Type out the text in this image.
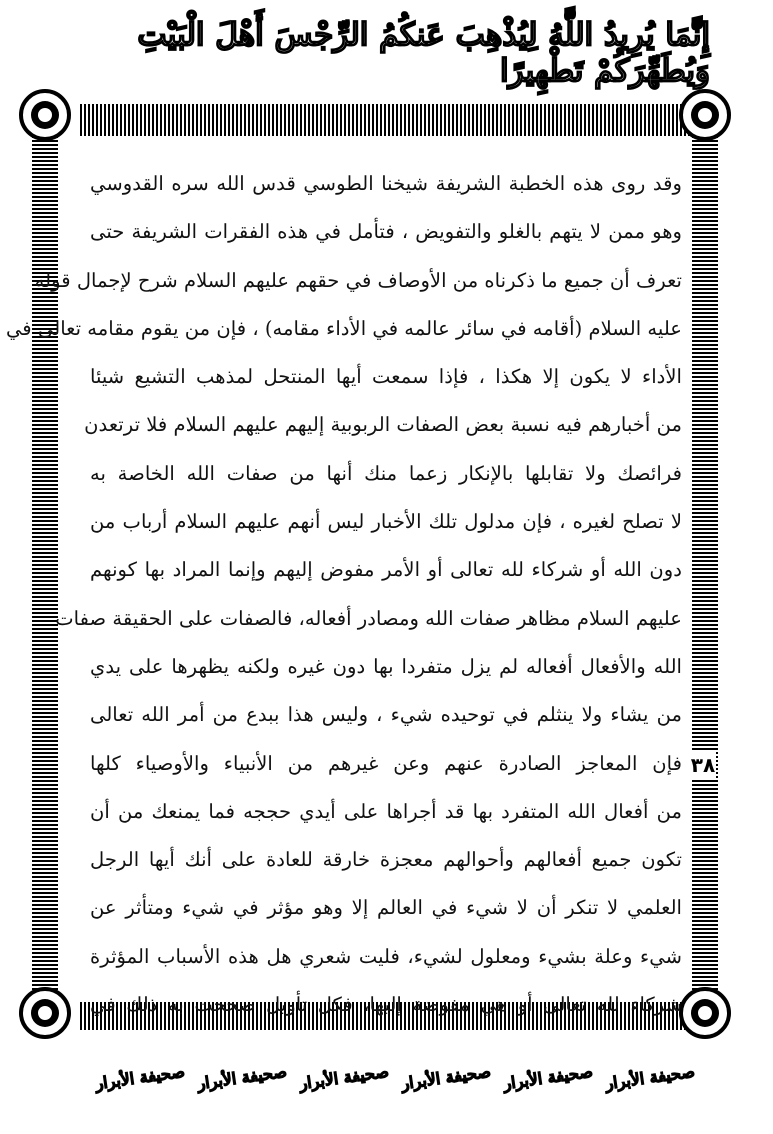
إِنَّمَا يُرِيدُ اللَّهُ لِيُذْهِبَ عَنكُمُ الرِّجْسَ أَهْلَ الْبَيْتِ وَيُطَهِّرَكُمْ تَطْهِيرًا
٣٨
وقد روى هذه الخطبة الشريفة شيخنا الطوسي قدس الله سره القدوسي
وهو ممن لا يتهم بالغلو والتفويض ، فتأمل في هذه الفقرات الشريفة حتى
تعرف أن جميع ما ذكرناه من الأوصاف في حقهم عليهم السلام شرح لإجمال قوله
عليه السلام (أقامه في سائر عالمه في الأداء مقامه) ، فإن من يقوم مقامه تعالى في
الأداء لا يكون إلا هكذا ، فإذا سمعت أيها المنتحل لمذهب التشيع شيئا
من أخبارهم فيه نسبة بعض الصفات الربوبية إليهم عليهم السلام فلا ترتعدن
فرائصك ولا تقابلها بالإنكار زعما منك أنها من صفات الله الخاصة به
لا تصلح لغيره ، فإن مدلول تلك الأخبار ليس أنهم عليهم السلام أرباب من
دون الله أو شركاء لله تعالى أو الأمر مفوض إليهم وإنما المراد بها كونهم
عليهم السلام مظاهر صفات الله ومصادر أفعاله، فالصفات على الحقيقة صفات
الله والأفعال أفعاله لم يزل متفردا بها دون غيره ولكنه يظهرها على يدي
من يشاء ولا ينثلم في توحيده شيء ، وليس هذا ببدع من أمر الله تعالى
فإن المعاجز الصادرة عنهم وعن غيرهم من الأنبياء والأوصياء كلها
من أفعال الله المتفرد بها قد أجراها على أيدي حججه فما يمنعك من أن
تكون جميع أفعالهم وأحوالهم معجزة خارقة للعادة على أنك أيها الرجل
العلمي لا تنكر أن لا شيء في العالم إلا وهو مؤثر في شيء ومتأثر عن
شيء وعلة بشيء ومعلول لشيء، فليت شعري هل هذه الأسباب المؤثرة
شركاء لله تعالى أو هي مفوضة إليها، فكل تأويل صححت به ذلك في
صحيفة الأبرار
صحيفة الأبرار
صحيفة الأبرار
صحيفة الأبرار
صحيفة الأبرار
صحيفة الأبرار
